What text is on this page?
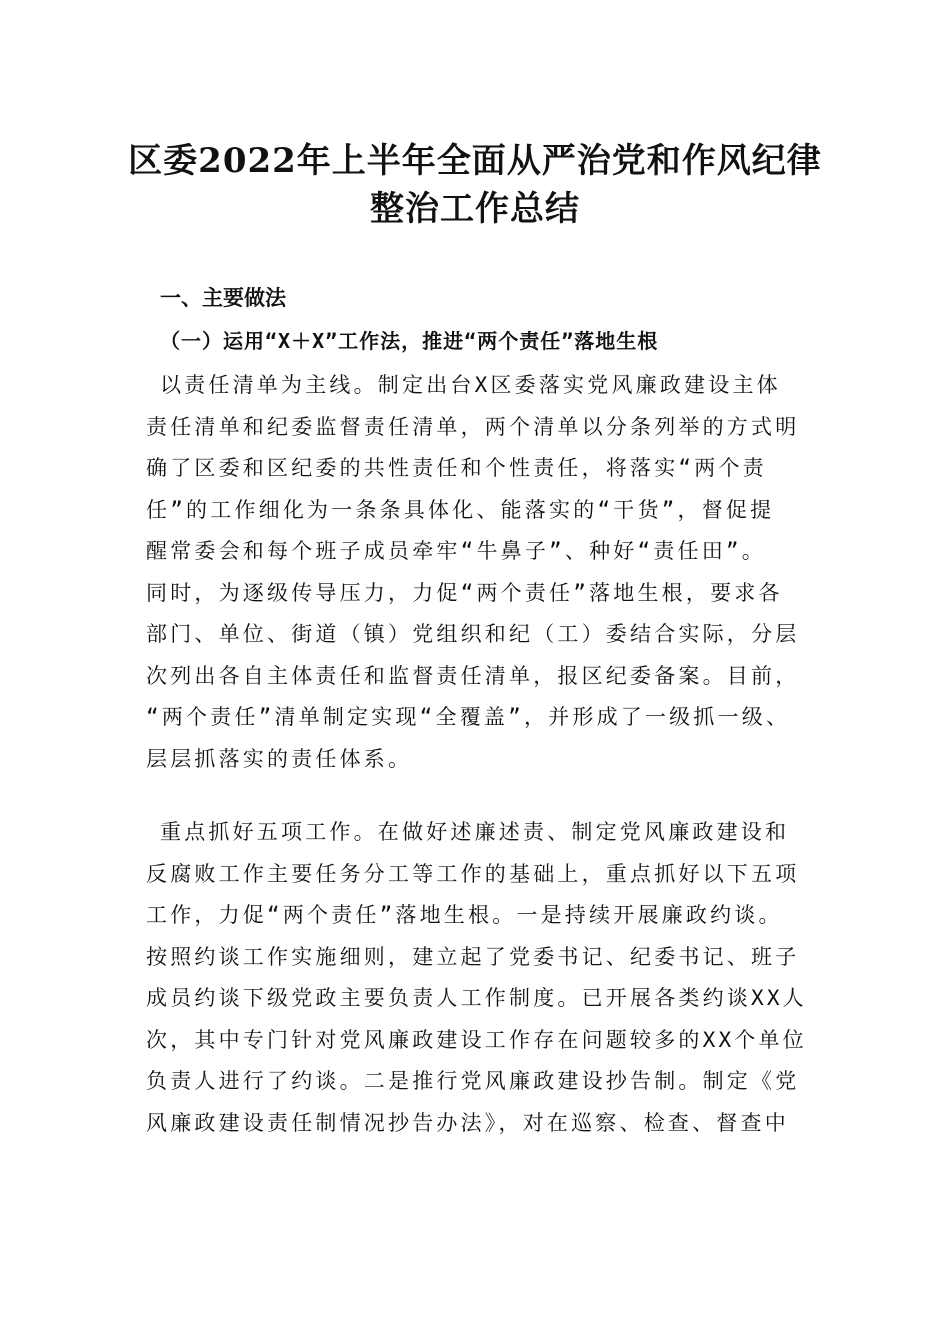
区委2022年上半年全面从严治党和作风纪律
整治工作总结
一、主要做法
（一）运用“X＋X”工作法，推进“两个责任”落地生根
以责任清单为主线。制定出台X区委落实党风廉政建设主体
责任清单和纪委监督责任清单，两个清单以分条列举的方式明
确了区委和区纪委的共性责任和个性责任，将落实“两个责
任”的工作细化为一条条具体化、能落实的“干货”，督促提
醒常委会和每个班子成员牵牢“牛鼻子”、种好“责任田”。
同时，为逐级传导压力，力促“两个责任”落地生根，要求各
部门、单位、街道（镇）党组织和纪（工）委结合实际，分层
次列出各自主体责任和监督责任清单，报区纪委备案。目前，
“两个责任”清单制定实现“全覆盖”，并形成了一级抓一级、
层层抓落实的责任体系。
重点抓好五项工作。在做好述廉述责、制定党风廉政建设和
反腐败工作主要任务分工等工作的基础上，重点抓好以下五项
工作，力促“两个责任”落地生根。一是持续开展廉政约谈。
按照约谈工作实施细则，建立起了党委书记、纪委书记、班子
成员约谈下级党政主要负责人工作制度。已开展各类约谈XX人
次，其中专门针对党风廉政建设工作存在问题较多的XX个单位
负责人进行了约谈。二是推行党风廉政建设抄告制。制定《党
风廉政建设责任制情况抄告办法》，对在巡察、检查、督查中
